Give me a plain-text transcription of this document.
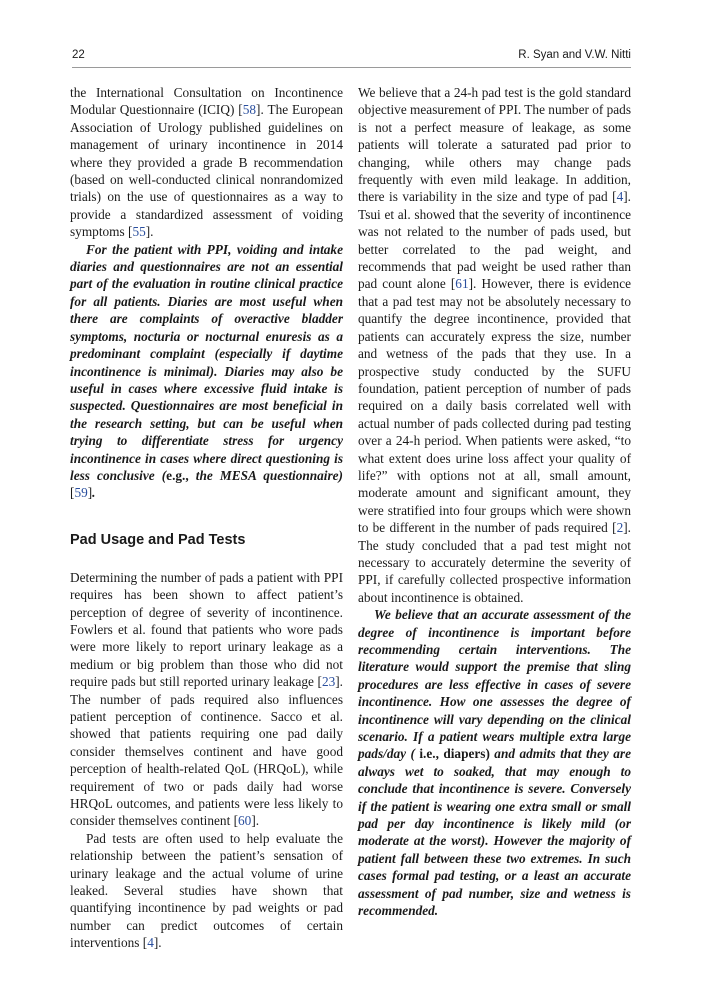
22	R. Syan and V.W. Nitti

the International Consultation on Incontinence Modular Questionnaire (ICIQ) [58]. The European Association of Urology published guidelines on management of urinary incontinence in 2014 where they provided a grade B recommendation (based on well-conducted clinical nonrandomized trials) on the use of questionnaires as a way to provide a standardized assessment of voiding symptoms [55].

For the patient with PPI, voiding and intake diaries and questionnaires are not an essential part of the evaluation in routine clinical practice for all patients. Diaries are most useful when there are complaints of overactive bladder symptoms, nocturia or nocturnal enuresis as a predominant complaint (especially if daytime incontinence is minimal). Diaries may also be useful in cases where excessive fluid intake is suspected. Questionnaires are most beneficial in the research setting, but can be useful when trying to differentiate stress for urgency incontinence in cases where direct questioning is less conclusive (e.g., the MESA questionnaire)[59].

Pad Usage and Pad Tests

Determining the number of pads a patient with PPI requires has been shown to affect patient’s perception of degree of severity of incontinence. Fowlers et al. found that patients who wore pads were more likely to report urinary leakage as a medium or big problem than those who did not require pads but still reported urinary leakage [23]. The number of pads required also influences patient perception of continence. Sacco et al. showed that patients requiring one pad daily consider themselves continent and have good perception of health-related QoL (HRQoL), while requirement of two or pads daily had worse HRQoL outcomes, and patients were less likely to consider themselves continent [60].

Pad tests are often used to help evaluate the relationship between the patient’s sensation of urinary leakage and the actual volume of urine leaked. Several studies have shown that quantifying incontinence by pad weights or pad number can predict outcomes of certain interventions [4].

We believe that a 24-h pad test is the gold standard objective measurement of PPI. The number of pads is not a perfect measure of leakage, as some patients will tolerate a saturated pad prior to changing, while others may change pads frequently with even mild leakage. In addition, there is variability in the size and type of pad [4]. Tsui et al. showed that the severity of incontinence was not related to the number of pads used, but better correlated to the pad weight, and recommends that pad weight be used rather than pad count alone [61]. However, there is evidence that a pad test may not be absolutely necessary to quantify the degree incontinence, provided that patients can accurately express the size, number and wetness of the pads that they use. In a prospective study conducted by the SUFU foundation, patient perception of number of pads required on a daily basis correlated well with actual number of pads collected during pad testing over a 24-h period. When patients were asked, “to what extent does urine loss affect your quality of life?” with options not at all, small amount, moderate amount and significant amount, they were stratified into four groups which were shown to be different in the number of pads required [2]. The study concluded that a pad test might not necessary to accurately determine the severity of PPI, if carefully collected prospective information about incontinence is obtained.

We believe that an accurate assessment of the degree of incontinence is important before recommending certain interventions. The literature would support the premise that sling procedures are less effective in cases of severe incontinence. How one assesses the degree of incontinence will vary depending on the clinical scenario. If a patient wears multiple extra large pads/day ( i.e., diapers) and admits that they are always wet to soaked, that may enough to conclude that incontinence is severe. Conversely if the patient is wearing one extra small or small pad per day incontinence is likely mild (or moderate at the worst). However the majority of patient fall between these two extremes. In such cases formal pad testing, or a least an accurate assessment of pad number, size and wetness is recommended.
